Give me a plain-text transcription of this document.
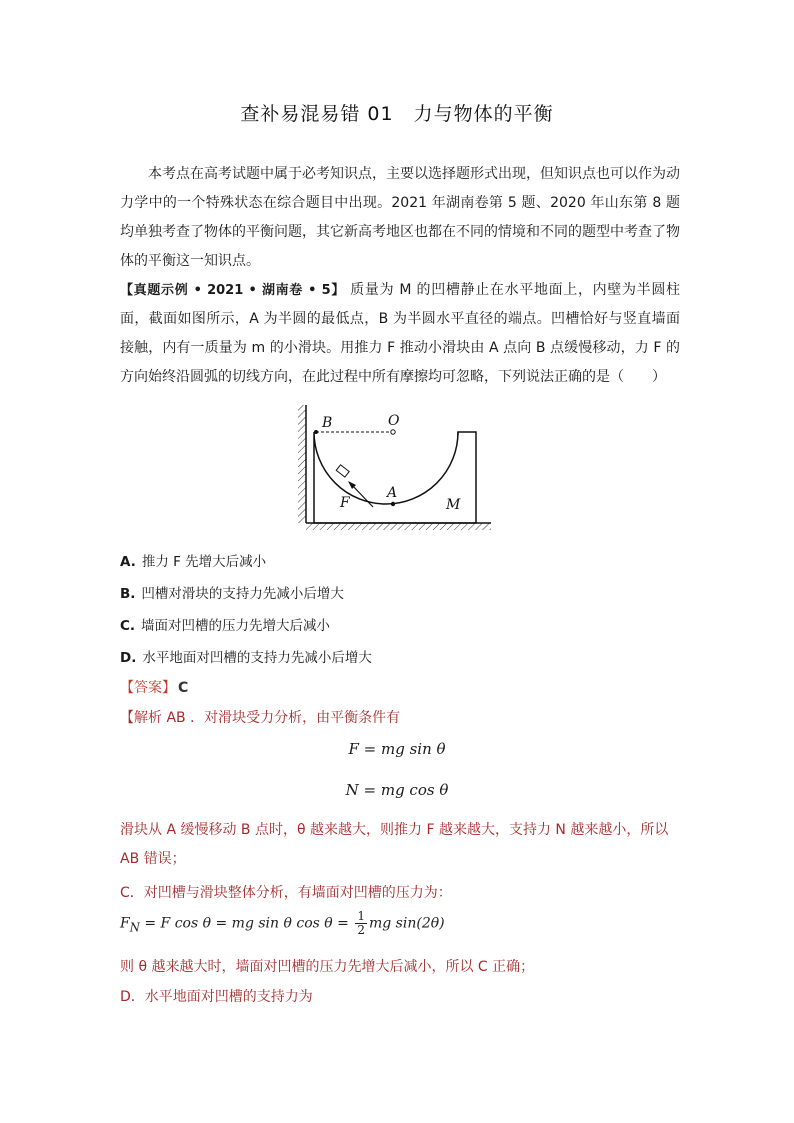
查补易混易错 01　力与物体的平衡
本考点在高考试题中属于必考知识点，主要以选择题形式出现，但知识点也可以作为动力学中的一个特殊状态在综合题目中出现。2021 年湖南卷第 5 题、2020 年山东第 8 题均单独考查了物体的平衡问题，其它新高考地区也都在不同的情境和不同的题型中考查了物体的平衡这一知识点。
【真题示例 • 2021 • 湖南卷 • 5】 质量为 M 的凹槽静止在水平地面上，内壁为半圆柱面，截面如图所示，A 为半圆的最低点，B 为半圆水平直径的端点。凹槽恰好与竖直墙面接触，内有一质量为 m 的小滑块。用推力 F 推动小滑块由 A 点向 B 点缓慢移动，力 F 的方向始终沿圆弧的切线方向，在此过程中所有摩擦均可忽略，下列说法正确的是（　　）
B	O
A
F	M
A. 推力 F 先增大后减小
B. 凹槽对滑块的支持力先减小后增大
C. 墙面对凹槽的压力先增大后减小
D. 水平地面对凹槽的支持力先减小后增大
【答案】 C
【解析 AB ．对滑块受力分析，由平衡条件有
F = mg sin θ
N = mg cos θ
滑块从 A 缓慢移动 B 点时，θ 越来越大，则推力 F 越来越大，支持力 N 越来越小，所以 AB 错误；
C．对凹槽与滑块整体分析，有墙面对凹槽的压力为：
$F_N = F$ cos θ = mg sin θ $\cos \theta = \frac{1}{2}$ mg sin(2θ)
则 θ 越来越大时，墙面对凹槽的压力先增大后减小，所以 C 正确；
D．水平地面对凹槽的支持力为
